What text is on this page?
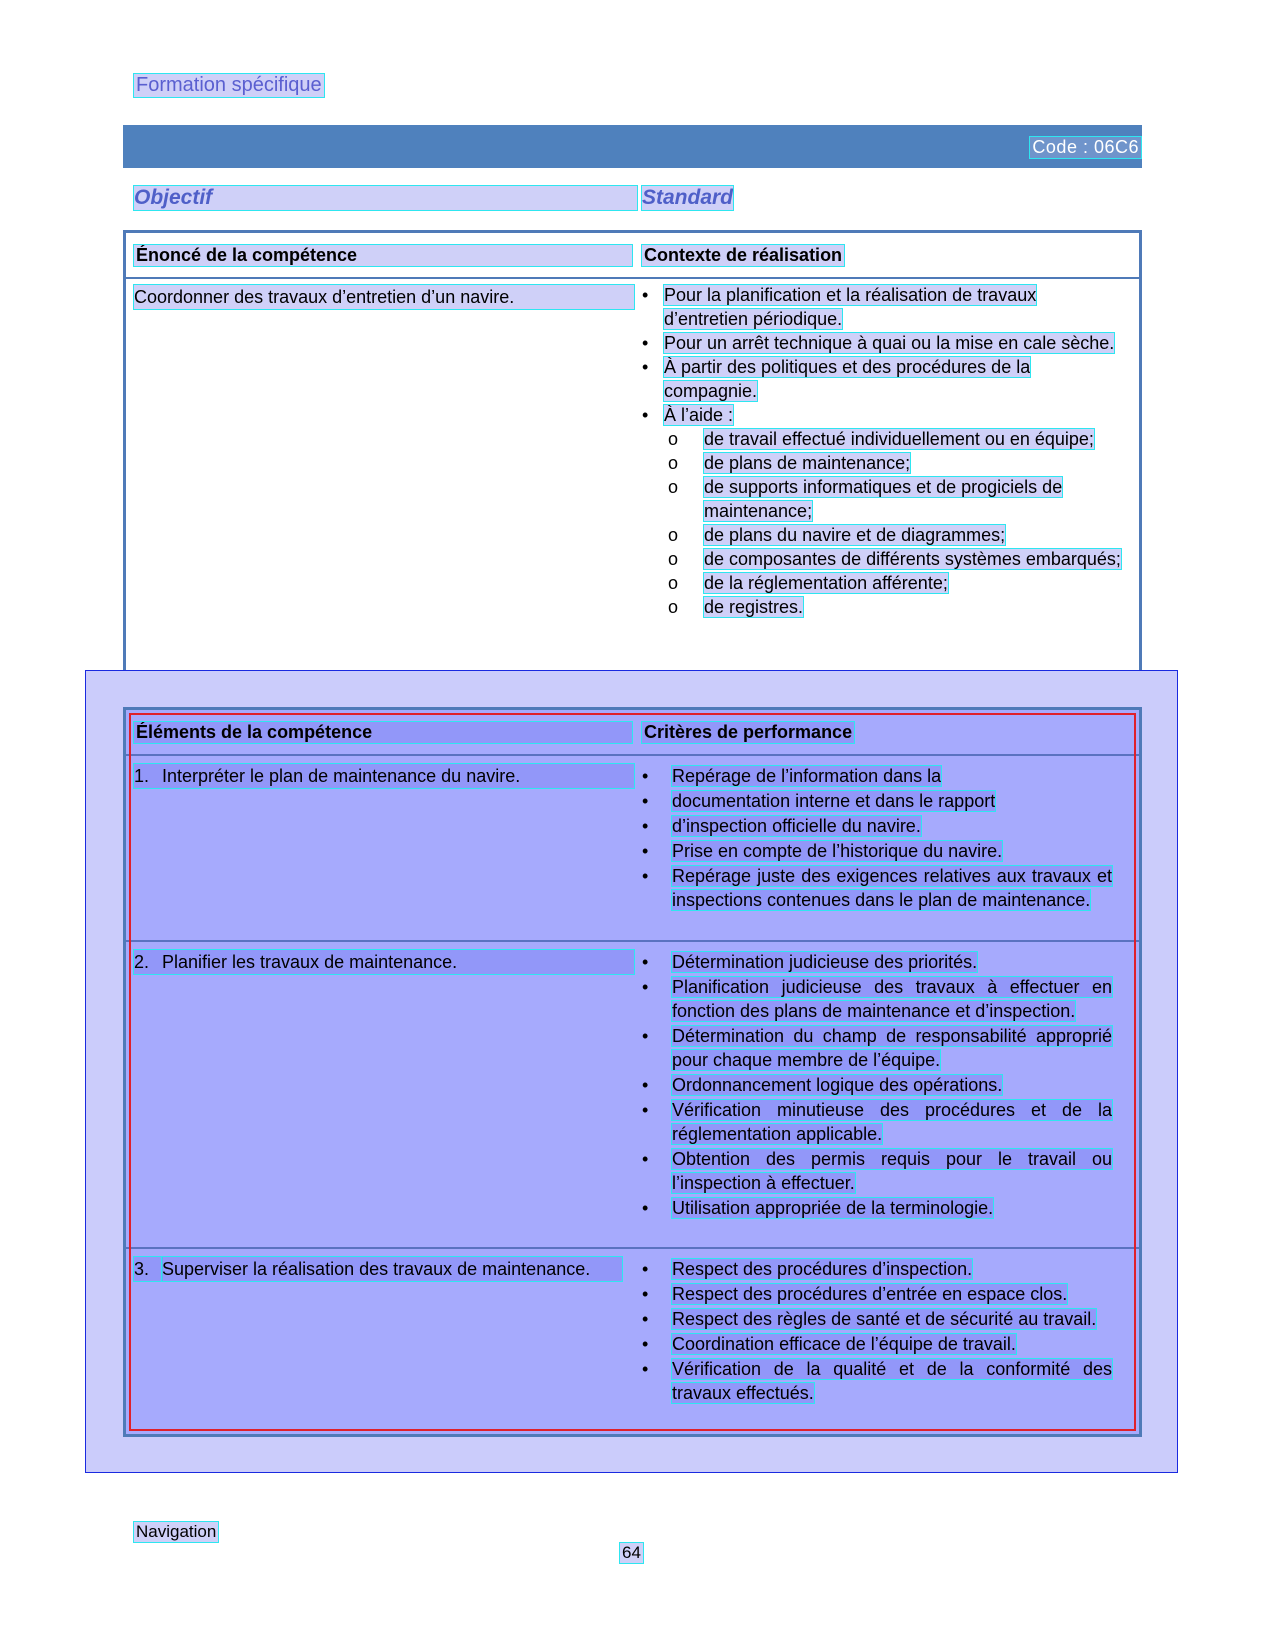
Formation spécifique
Code : 06C6
Objectif	Standard
Énoncé de la compétence	Contexte de réalisation
Coordonner des travaux d’entretien d’un navire.	• Pour la planification et la réalisation de travaux d’entretien périodique.
• Pour un arrêt technique à quai ou la mise en cale sèche.
• À partir des politiques et des procédures de la compagnie.
• À l’aide :
o de travail effectué individuellement ou en équipe;
o de plans de maintenance;
o de supports informatiques et de progiciels de maintenance;
o de plans du navire et de diagrammes;
o de composantes de différents systèmes embarqués;
o de la réglementation afférente;
o de registres.
Éléments de la compétence	Critères de performance
1. Interpréter le plan de maintenance du navire.	• Repérage de l’information dans la
• documentation interne et dans le rapport
• d’inspection officielle du navire.
• Prise en compte de l’historique du navire.
• Repérage juste des exigences relatives aux travaux et inspections contenues dans le plan de maintenance.
2. Planifier les travaux de maintenance.	• Détermination judicieuse des priorités.
• Planification judicieuse des travaux à effectuer en fonction des plans de maintenance et d’inspection.
• Détermination du champ de responsabilité approprié pour chaque membre de l’équipe.
• Ordonnancement logique des opérations.
• Vérification minutieuse des procédures et de la réglementation applicable.
• Obtention des permis requis pour le travail ou l’inspection à effectuer.
• Utilisation appropriée de la terminologie.
3. Superviser la réalisation des travaux de maintenance.	• Respect des procédures d’inspection.
• Respect des procédures d’entrée en espace clos.
• Respect des règles de santé et de sécurité au travail.
• Coordination efficace de l’équipe de travail.
• Vérification de la qualité et de la conformité des travaux effectués.
Navigation
64
